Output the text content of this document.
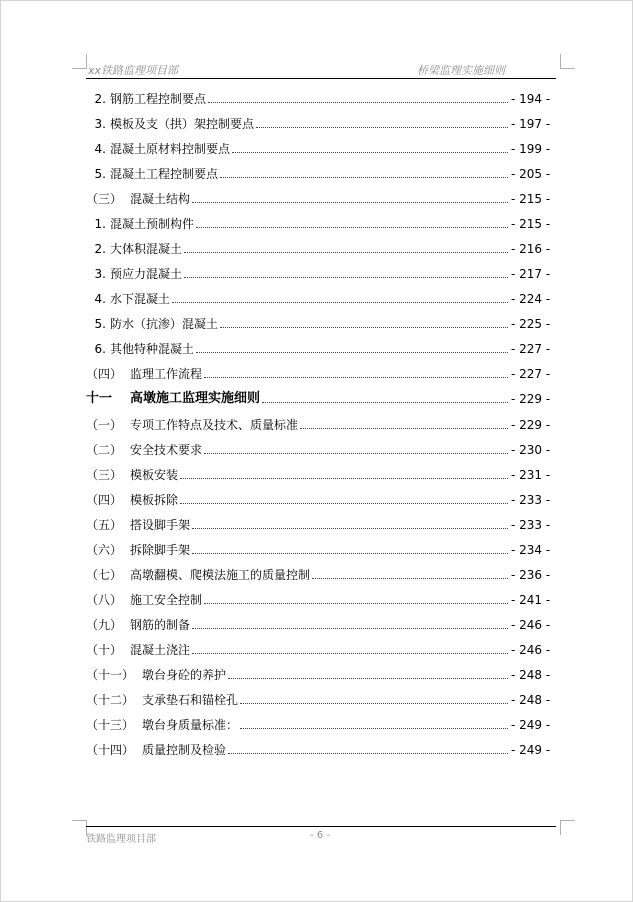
xx铁路监理项目部	桥梁监理实施细则
2. 钢筋工程控制要点	- 194 -
3. 模板及支（拱）架控制要点	- 197 -
4. 混凝土原材料控制要点	- 199 -
5. 混凝土工程控制要点	- 205 -
（三） 混凝土结构	- 215 -
1. 混凝土预制构件	- 215 -
2. 大体积混凝土	- 216 -
3. 预应力混凝土	- 217 -
4. 水下混凝土	- 224 -
5. 防水（抗渗）混凝土	- 225 -
6. 其他特种混凝土	- 227 -
（四） 监理工作流程	- 227 -
十一 高墩施工监理实施细则	- 229 -
（一） 专项工作特点及技术、质量标准	- 229 -
（二） 安全技术要求	- 230 -
（三） 模板安装	- 231 -
（四） 模板拆除	- 233 -
（五） 搭设脚手架	- 233 -
（六） 拆除脚手架	- 234 -
（七） 高墩翻模、爬模法施工的质量控制	- 236 -
（八） 施工安全控制	- 241 -
（九） 钢筋的制备	- 246 -
（十） 混凝土浇注	- 246 -
（十一） 墩台身砼的养护	- 248 -
（十二） 支承垫石和锚栓孔	- 248 -
（十三） 墩台身质量标准：	- 249 -
（十四） 质量控制及检验	- 249 -
铁路监理项目部	- 6 -
